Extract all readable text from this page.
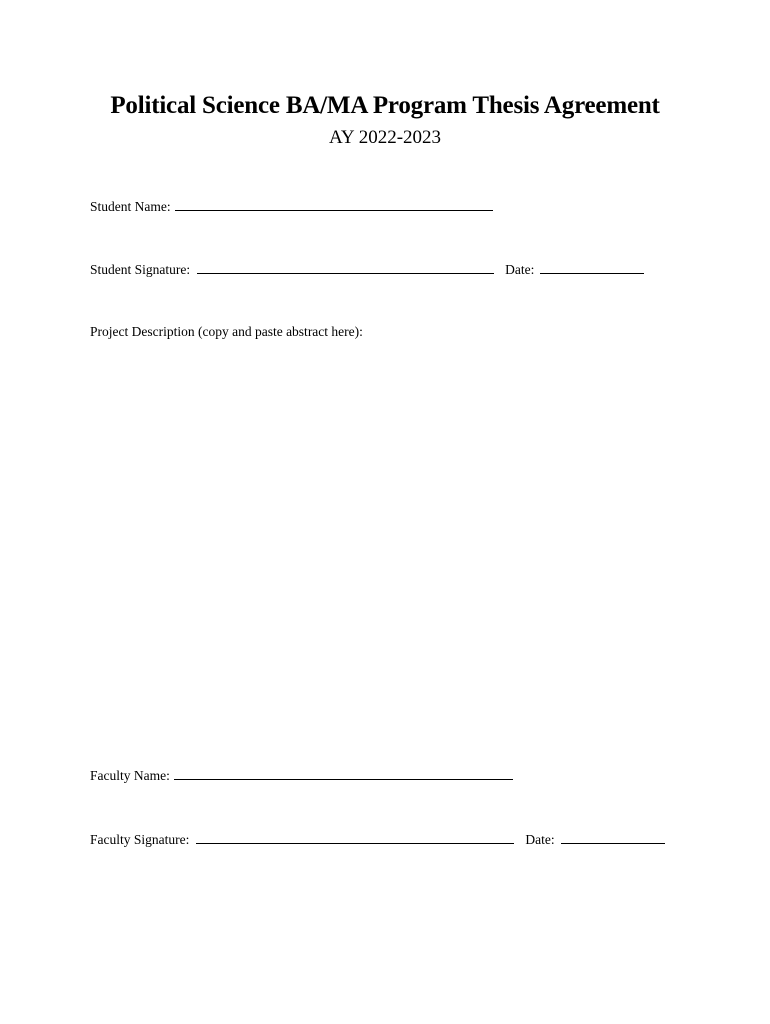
Political Science BA/MA Program Thesis Agreement
AY 2022-2023
Student Name:
Student Signature:	Date:
Project Description (copy and paste abstract here):
Faculty Name:
Faculty Signature:	Date:
